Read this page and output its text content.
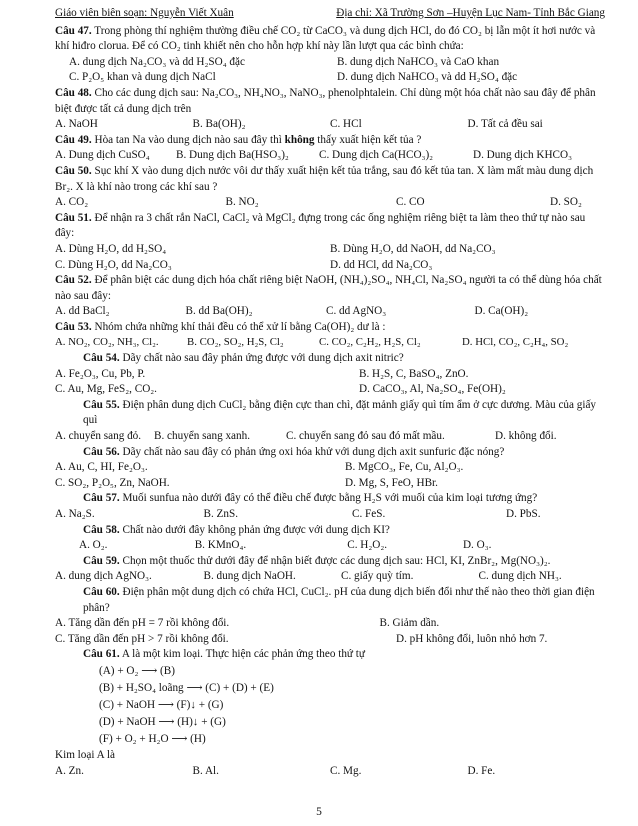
Giáo viên biên soạn: Nguyễn Viết Xuân	Địa chỉ: Xã Trường Sơn –Huyện Lục Nam- Tỉnh Bắc Giang

Câu 47. Trong phòng thí nghiệm thường điều chế CO₂ từ CaCO₃ và dung dịch HCl, do đó CO₂ bị lẫn một ít hơi nước và khí hiđro clorua. Để có CO₂ tinh khiết nên cho hỗn hợp khí này lần lượt qua các bình chứa:

A. dung dịch Na₂CO₃ và dd H₂SO₄ đặc	B. dung dịch NaHCO₃ và CaO khan
C. P₂O₅ khan và dung dịch NaCl	D. dung dịch NaHCO₃ và dd H₂SO₄ đặc

Câu 48. Cho các dung dịch sau: Na₂CO₃, NH₄NO₃, NaNO₃, phenolphtalein. Chỉ dùng một hóa chất nào sau đây để phân biệt được tất cả dung dịch trên

A. NaOH	B. Ba(OH)₂	C. HCl	D. Tất cả đều sai

Câu 49. Hòa tan Na vào dung dịch nào sau đây thì không thấy xuất hiện kết tủa ?

A. Dung dịch CuSO₄	B. Dung dịch Ba(HSO₃)₂	C. Dung dịch Ca(HCO₃)₂	D. Dung dịch KHCO₃

Câu 50. Sục khí X vào dung dịch nước vôi dư thấy xuất hiện kết tủa trắng, sau đó kết tủa tan. X làm mất màu dung dịch Br₂. X là khí nào trong các khí sau ?

A. CO₂	B. NO₂	C. CO	D. SO₂

Câu 51. Để nhận ra 3 chất rắn NaCl, CaCl₂ và MgCl₂ đựng trong các ống nghiệm riêng biệt ta làm theo thứ tự nào sau đây:

A. Dùng H₂O, dd H₂SO₄	B. Dùng H₂O, dd NaOH, dd Na₂CO₃
C. Dùng H₂O, dd Na₂CO₃	D. dd HCl, dd Na₂CO₃

Câu 52. Để phân biệt các dung dịch hóa chất riêng biệt NaOH, (NH₄)₂SO₄, NH₄Cl, Na₂SO₄ người ta có thể dùng hóa chất nào sau đây:

A. dd BaCl₂	B. dd Ba(OH)₂	C. dd AgNO₃	D. Ca(OH)₂

Câu 53. Nhóm chứa những khí thải đều có thể xử lí bằng Ca(OH)₂ dư là :

A. NO₂, CO₂, NH₃, Cl₂.	B. CO₂, SO₂, H₂S, Cl₂	C. CO₂, C₂H₂, H₂S, Cl₂	D. HCl, CO₂, C₂H₄, SO₂

Câu 54. Dãy chất nào sau đây phản ứng được với dung dịch axit nitric?

A. Fe₂O₃, Cu, Pb, P.	B. H₂S, C, BaSO₄, ZnO.
C. Au, Mg, FeS₂, CO₂.	D. CaCO₃, Al, Na₂SO₄, Fe(OH)₂

Câu 55. Điện phân dung dịch CuCl₂ bằng điện cực than chì, đặt mảnh giấy quì tím ẩm ở cực dương. Màu của giấy quì

A. chuyển sang đỏ.	B. chuyển sang xanh.	C. chuyển sang đỏ sau đó mất mầu.	D. không đổi.

Câu 56. Dãy chất nào sau đây có phản ứng oxi hóa khử với dung dịch axit sunfuric đặc nóng?

A. Au, C, HI, Fe₂O₃.	B. MgCO₃, Fe, Cu, Al₂O₃.
C. SO₂, P₂O₅, Zn, NaOH.	D. Mg, S, FeO, HBr.

Câu 57. Muối sunfua nào dưới đây có thể điều chế được bằng H₂S với muối của kim loại tương ứng?

A. Na₂S.	B. ZnS.	C. FeS.	D. PbS.

Câu 58. Chất nào dưới đây không phản ứng được với dung dịch KI?

A. O₂.	B. KMnO₄.	C. H₂O₂.	D. O₃.

Câu 59. Chọn một thuốc thử dưới đây để nhận biết được các dung dịch sau: HCl, KI, ZnBr₂, Mg(NO₃)₂.

A. dung dịch AgNO₃.	B. dung dịch NaOH.	C. giấy quỳ tím.	C. dung dịch NH₃.

Câu 60. Điện phân một dung dịch có chứa HCl, CuCl₂. pH của dung dịch biến đổi như thế nào theo thời gian điện phân?

A. Tăng dần đến pH = 7 rồi không đổi.	B. Giảm dần.
C. Tăng dần đến pH > 7 rồi không đổi.	D. pH không đổi, luôn nhỏ hơn 7.

Câu 61. A là một kim loại. Thực hiện các phản ứng theo thứ tự

(A) + O₂ ⟶ (B)
(B) + H₂SO₄ loãng ⟶ (C) + (D) + (E)
(C) + NaOH ⟶ (F)↓ + (G)
(D) + NaOH ⟶ (H)↓ + (G)
(F) + O₂ + H₂O ⟶ (H)

Kim loại A là

A. Zn.	B. Al.	C. Mg.	D. Fe.
5
